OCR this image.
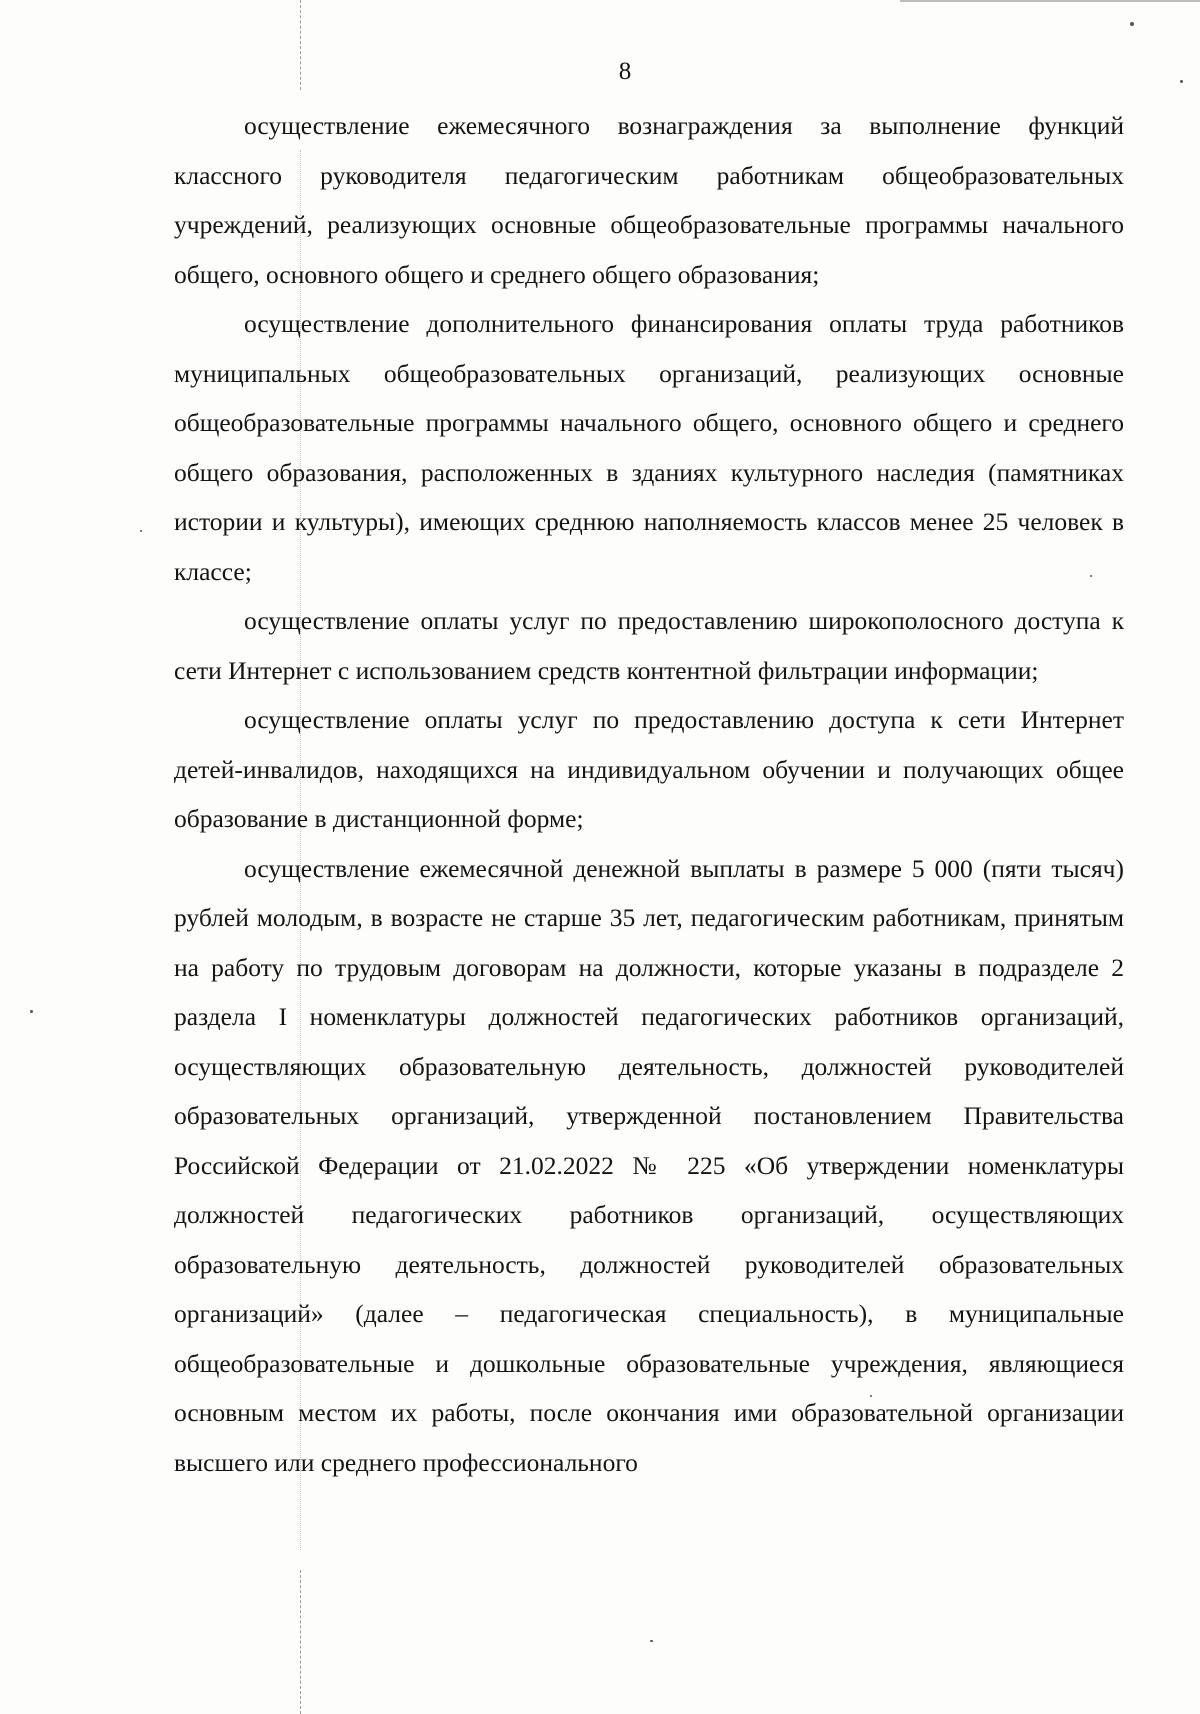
8

осуществление ежемесячного вознаграждения за выполнение функций классного руководителя педагогическим работникам общеобразовательных учреждений, реализующих основные общеобразовательные программы начального общего, основного общего и среднего общего образования;

осуществление дополнительного финансирования оплаты труда работников муниципальных общеобразовательных организаций, реализующих основные общеобразовательные программы начального общего, основного общего и среднего общего образования, расположенных в зданиях культурного наследия (памятниках истории и культуры), имеющих среднюю наполняемость классов менее 25 человек в классе;

осуществление оплаты услуг по предоставлению широкополосного доступа к сети Интернет с использованием средств контентной фильтрации информации;

осуществление оплаты услуг по предоставлению доступа к сети Интернет детей-инвалидов, находящихся на индивидуальном обучении и получающих общее образование в дистанционной форме;

осуществление ежемесячной денежной выплаты в размере 5 000 (пяти тысяч) рублей молодым, в возрасте не старше 35 лет, педагогическим работникам, принятым на работу по трудовым договорам на должности, которые указаны в подразделе 2 раздела I номенклатуры должностей педагогических работников организаций, осуществляющих образовательную деятельность, должностей руководителей образовательных организаций, утвержденной постановлением Правительства Российской Федерации от 21.02.2022 № 225 «Об утверждении номенклатуры должностей педагогических работников организаций, осуществляющих образовательную деятельность, должностей руководителей образовательных организаций» (далее – педагогическая специальность), в муниципальные общеобразовательные и дошкольные образовательные учреждения, являющиеся основным местом их работы, после окончания ими образовательной организации высшего или среднего профессионального
